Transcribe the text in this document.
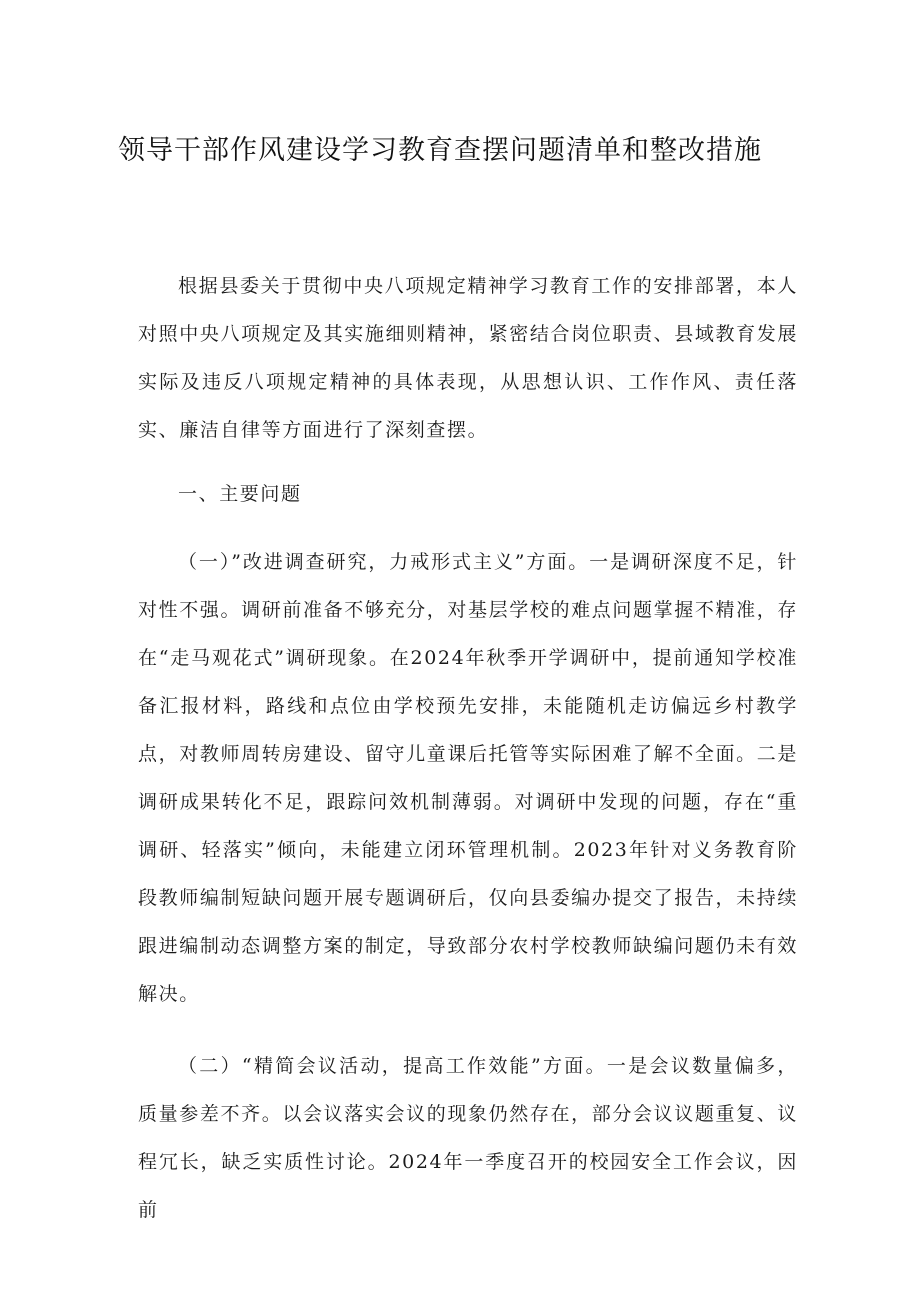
领导干部作风建设学习教育查摆问题清单和整改措施

根据县委关于贯彻中央八项规定精神学习教育工作的安排部署，本人对照中央八项规定及其实施细则精神，紧密结合岗位职责、县域教育发展实际及违反八项规定精神的具体表现，从思想认识、工作作风、责任落实、廉洁自律等方面进行了深刻查摆。

一、主要问题

（一）”改进调查研究，力戒形式主义”方面。一是调研深度不足，针对性不强。调研前准备不够充分，对基层学校的难点问题掌握不精准，存在“走马观花式”调研现象。在2024年秋季开学调研中，提前通知学校准备汇报材料，路线和点位由学校预先安排，未能随机走访偏远乡村教学点，对教师周转房建设、留守儿童课后托管等实际困难了解不全面。二是调研成果转化不足，跟踪问效机制薄弱。对调研中发现的问题，存在“重调研、轻落实”倾向，未能建立闭环管理机制。2023年针对义务教育阶段教师编制短缺问题开展专题调研后，仅向县委编办提交了报告，未持续跟进编制动态调整方案的制定，导致部分农村学校教师缺编问题仍未有效解决。

（二）“精简会议活动，提高工作效能”方面。一是会议数量偏多，质量参差不齐。以会议落实会议的现象仍然存在，部分会议议题重复、议程冗长，缺乏实质性讨论。2024年一季度召开的校园安全工作会议，因前
